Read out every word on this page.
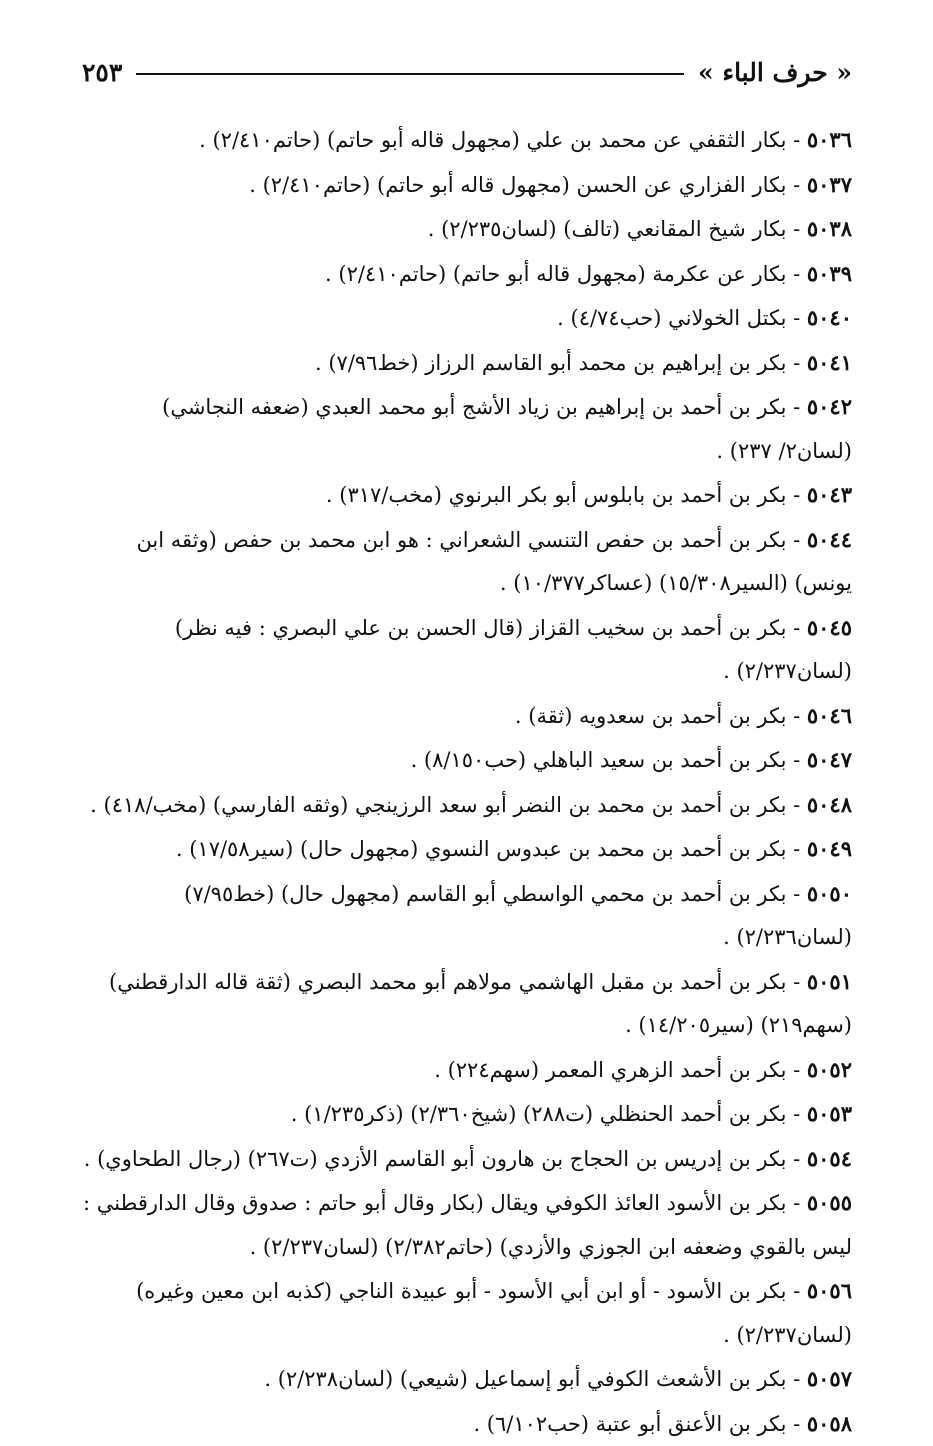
« حرف الباء »
٢٥٣
٥٠٣٦ - بكار الثقفي عن محمد بن علي (مجهول قاله أبو حاتم) (حاتم٢/٤١٠) .
٥٠٣٧ - بكار الفزاري عن الحسن (مجهول قاله أبو حاتم) (حاتم٢/٤١٠) .
٥٠٣٨ - بكار شيخ المقانعي (تالف) (لسان٢/٢٣٥) .
٥٠٣٩ - بكار عن عكرمة (مجهول قاله أبو حاتم) (حاتم٢/٤١٠) .
٥٠٤٠ - بكتل الخولاني (حب٤/٧٤) .
٥٠٤١ - بكر بن إبراهيم بن محمد أبو القاسم الرزاز (خط٧/٩٦) .
٥٠٤٢ - بكر بن أحمد بن إبراهيم بن زياد الأشج أبو محمد العبدي (ضعفه النجاشي) (لسان٢/ ٢٣٧) .
٥٠٤٣ - بكر بن أحمد بن بابلوس أبو بكر البرنوي (مخب/٣١٧) .
٥٠٤٤ - بكر بن أحمد بن حفص التنسي الشعراني : هو ابن محمد بن حفص (وثقه ابن يونس) (السير١٥/٣٠٨) (عساكر١٠/٣٧٧) .
٥٠٤٥ - بكر بن أحمد بن سخيب القزاز (قال الحسن بن علي البصري : فيه نظر) (لسان٢/٢٣٧) .
٥٠٤٦ - بكر بن أحمد بن سعدويه (ثقة) .
٥٠٤٧ - بكر بن أحمد بن سعيد الباهلي (حب٨/١٥٠) .
٥٠٤٨ - بكر بن أحمد بن محمد بن النضر أبو سعد الرزينجي (وثقه الفارسي) (مخب/٤١٨) .
٥٠٤٩ - بكر بن أحمد بن محمد بن عبدوس النسوي (مجهول حال) (سير١٧/٥٨) .
٥٠٥٠ - بكر بن أحمد بن محمي الواسطي أبو القاسم (مجهول حال) (خط٧/٩٥) (لسان٢/٢٣٦) .
٥٠٥١ - بكر بن أحمد بن مقبل الهاشمي مولاهم أبو محمد البصري (ثقة قاله الدارقطني) (سهم٢١٩) (سير١٤/٢٠٥) .
٥٠٥٢ - بكر بن أحمد الزهري المعمر (سهم٢٢٤) .
٥٠٥٣ - بكر بن أحمد الحنظلي (ت٢٨٨) (شيخ٢/٣٦٠) (ذكر١/٢٣٥) .
٥٠٥٤ - بكر بن إدريس بن الحجاج بن هارون أبو القاسم الأزدي (ت٢٦٧) (رجال الطحاوي) .
٥٠٥٥ - بكر بن الأسود العائذ الكوفي ويقال (بكار وقال أبو حاتم : صدوق وقال الدارقطني : ليس بالقوي وضعفه ابن الجوزي والأزدي) (حاتم٢/٣٨٢) (لسان٢/٢٣٧) .
٥٠٥٦ - بكر بن الأسود - أو ابن أبي الأسود - أبو عبيدة الناجي (كذبه ابن معين وغيره) (لسان٢/٢٣٧) .
٥٠٥٧ - بكر بن الأشعث الكوفي أبو إسماعيل (شيعي) (لسان٢/٢٣٨) .
٥٠٥٨ - بكر بن الأعنق أبو عتبة (حب٦/١٠٢) .
